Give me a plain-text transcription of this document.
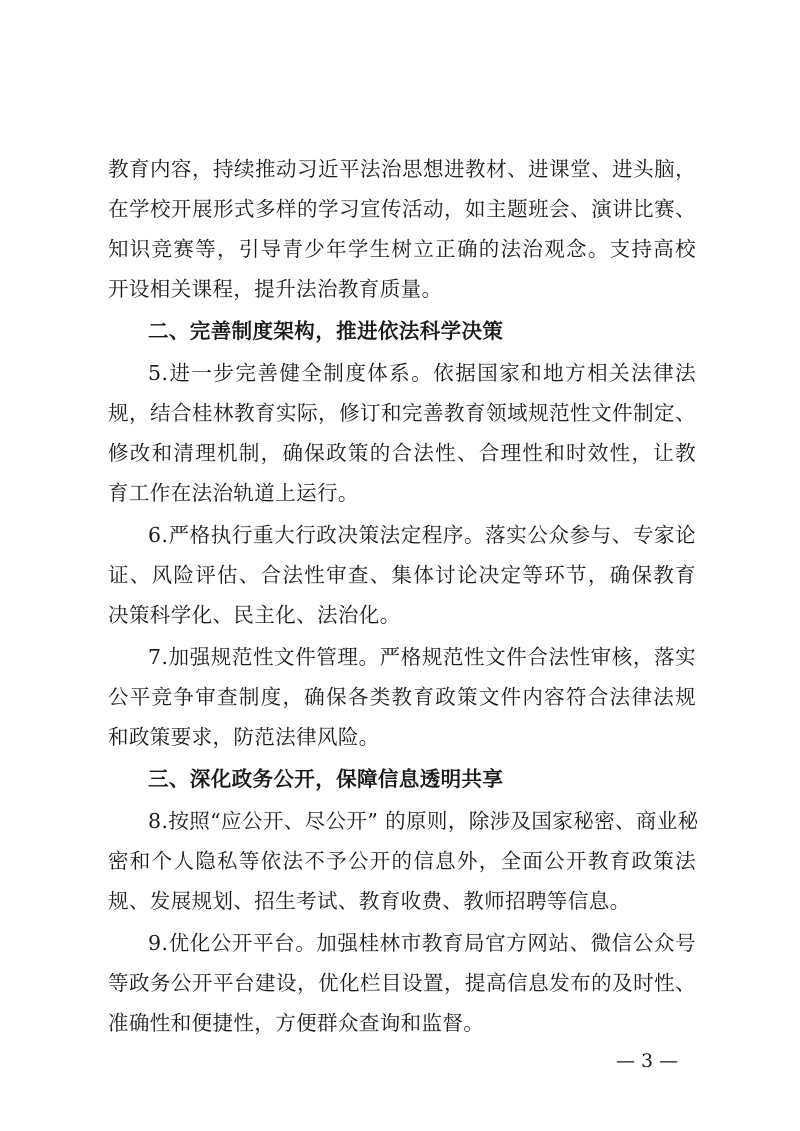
教育内容，持续推动习近平法治思想进教材、进课堂、进头脑，
在学校开展形式多样的学习宣传活动，如主题班会、演讲比赛、
知识竞赛等，引导青少年学生树立正确的法治观念。支持高校
开设相关课程，提升法治教育质量。
二、完善制度架构，推进依法科学决策
5.进一步完善健全制度体系。依据国家和地方相关法律法
规，结合桂林教育实际，修订和完善教育领域规范性文件制定、
修改和清理机制，确保政策的合法性、合理性和时效性，让教
育工作在法治轨道上运行。
6.严格执行重大行政决策法定程序。落实公众参与、专家论
证、风险评估、合法性审查、集体讨论决定等环节，确保教育
决策科学化、民主化、法治化。
7.加强规范性文件管理。严格规范性文件合法性审核，落实
公平竞争审查制度，确保各类教育政策文件内容符合法律法规
和政策要求，防范法律风险。
三、深化政务公开，保障信息透明共享
8.按照“应公开、尽公开” 的原则，除涉及国家秘密、商业秘
密和个人隐私等依法不予公开的信息外，全面公开教育政策法
规、发展规划、招生考试、教育收费、教师招聘等信息。
9.优化公开平台。加强桂林市教育局官方网站、微信公众号
等政务公开平台建设，优化栏目设置，提高信息发布的及时性、
准确性和便捷性，方便群众查询和监督。
— 3 —
